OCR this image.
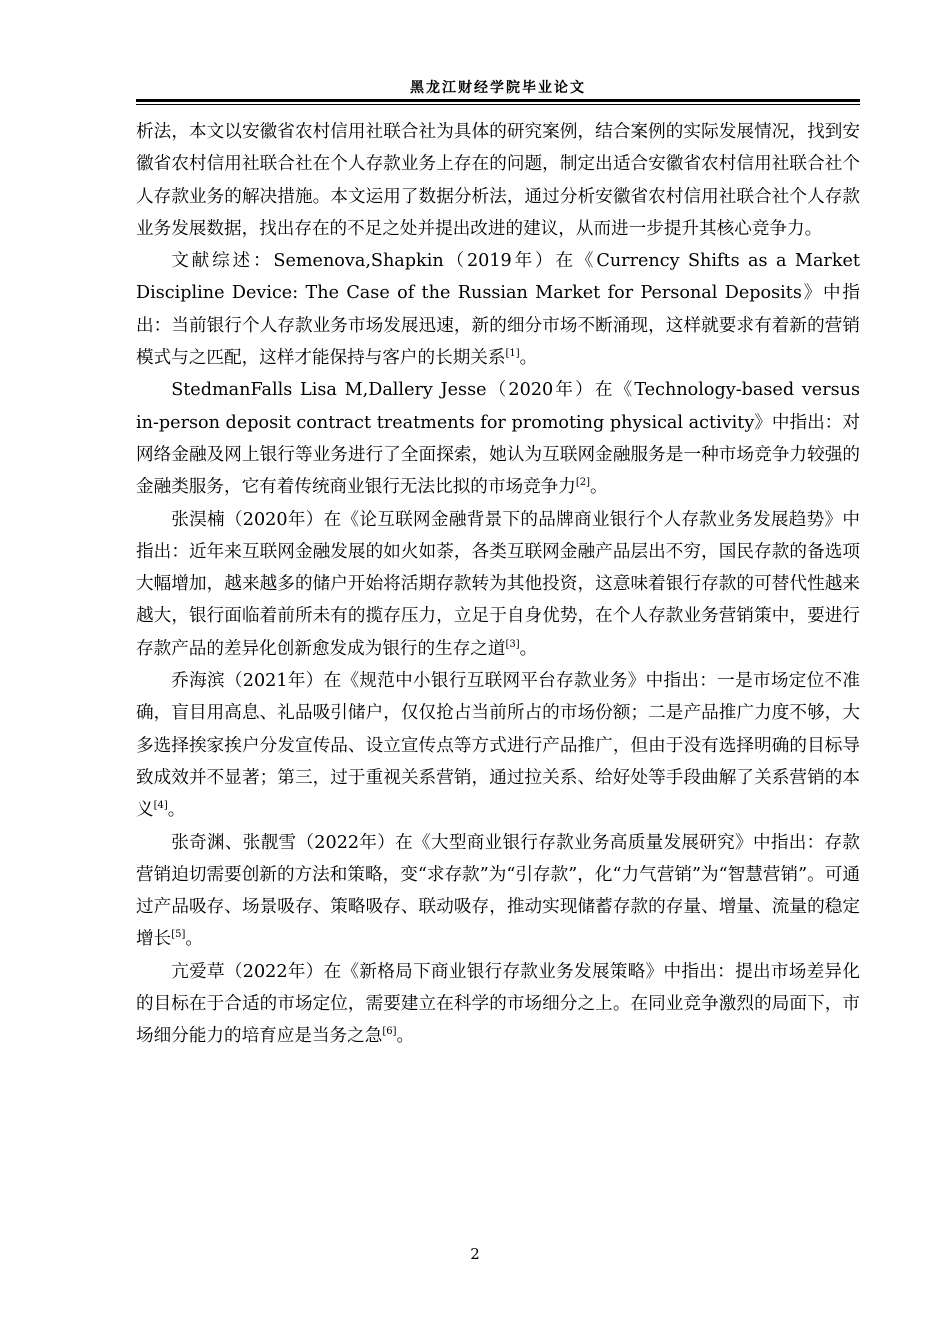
黑龙江财经学院毕业论文

析法，本文以安徽省农村信用社联合社为具体的研究案例，结合案例的实际发展情况，找到安徽省农村信用社联合社在个人存款业务上存在的问题，制定出适合安徽省农村信用社联合社个人存款业务的解决措施。本文运用了数据分析法，通过分析安徽省农村信用社联合社个人存款业务发展数据，找出存在的不足之处并提出改进的建议，从而进一步提升其核心竞争力。

文献综述：Semenova,Shapkin（2019年）在《Currency Shifts as a Market Discipline Device: The Case of the Russian Market for Personal Deposits》中指出：当前银行个人存款业务市场发展迅速，新的细分市场不断涌现，这样就要求有着新的营销模式与之匹配，这样才能保持与客户的长期关系[1]。

StedmanFalls Lisa M,Dallery Jesse（2020年）在《Technology-based versus in-person deposit contract treatments for promoting physical activity》中指出：对网络金融及网上银行等业务进行了全面探索，她认为互联网金融服务是一种市场竞争力较强的金融类服务，它有着传统商业银行无法比拟的市场竞争力[2]。

张淏楠（2020年）在《论互联网金融背景下的品牌商业银行个人存款业务发展趋势》中指出：近年来互联网金融发展的如火如荼，各类互联网金融产品层出不穷，国民存款的备选项大幅增加，越来越多的储户开始将活期存款转为其他投资，这意味着银行存款的可替代性越来越大，银行面临着前所未有的揽存压力，立足于自身优势，在个人存款业务营销策中，要进行存款产品的差异化创新愈发成为银行的生存之道[3]。

乔海滨（2021年）在《规范中小银行互联网平台存款业务》中指出：一是市场定位不准确，盲目用高息、礼品吸引储户，仅仅抢占当前所占的市场份额；二是产品推广力度不够，大多选择挨家挨户分发宣传品、设立宣传点等方式进行产品推广，但由于没有选择明确的目标导致成效并不显著；第三，过于重视关系营销，通过拉关系、给好处等手段曲解了关系营销的本义[4]。

张奇渊、张靓雪（2022年）在《大型商业银行存款业务高质量发展研究》中指出：存款营销迫切需要创新的方法和策略，变“求存款”为“引存款”，化“力气营销”为“智慧营销”。可通过产品吸存、场景吸存、策略吸存、联动吸存，推动实现储蓄存款的存量、增量、流量的稳定增长[5]。

亢爱草（2022年）在《新格局下商业银行存款业务发展策略》中指出：提出市场差异化的目标在于合适的市场定位，需要建立在科学的市场细分之上。在同业竞争激烈的局面下，市场细分能力的培育应是当务之急[6]。

2
